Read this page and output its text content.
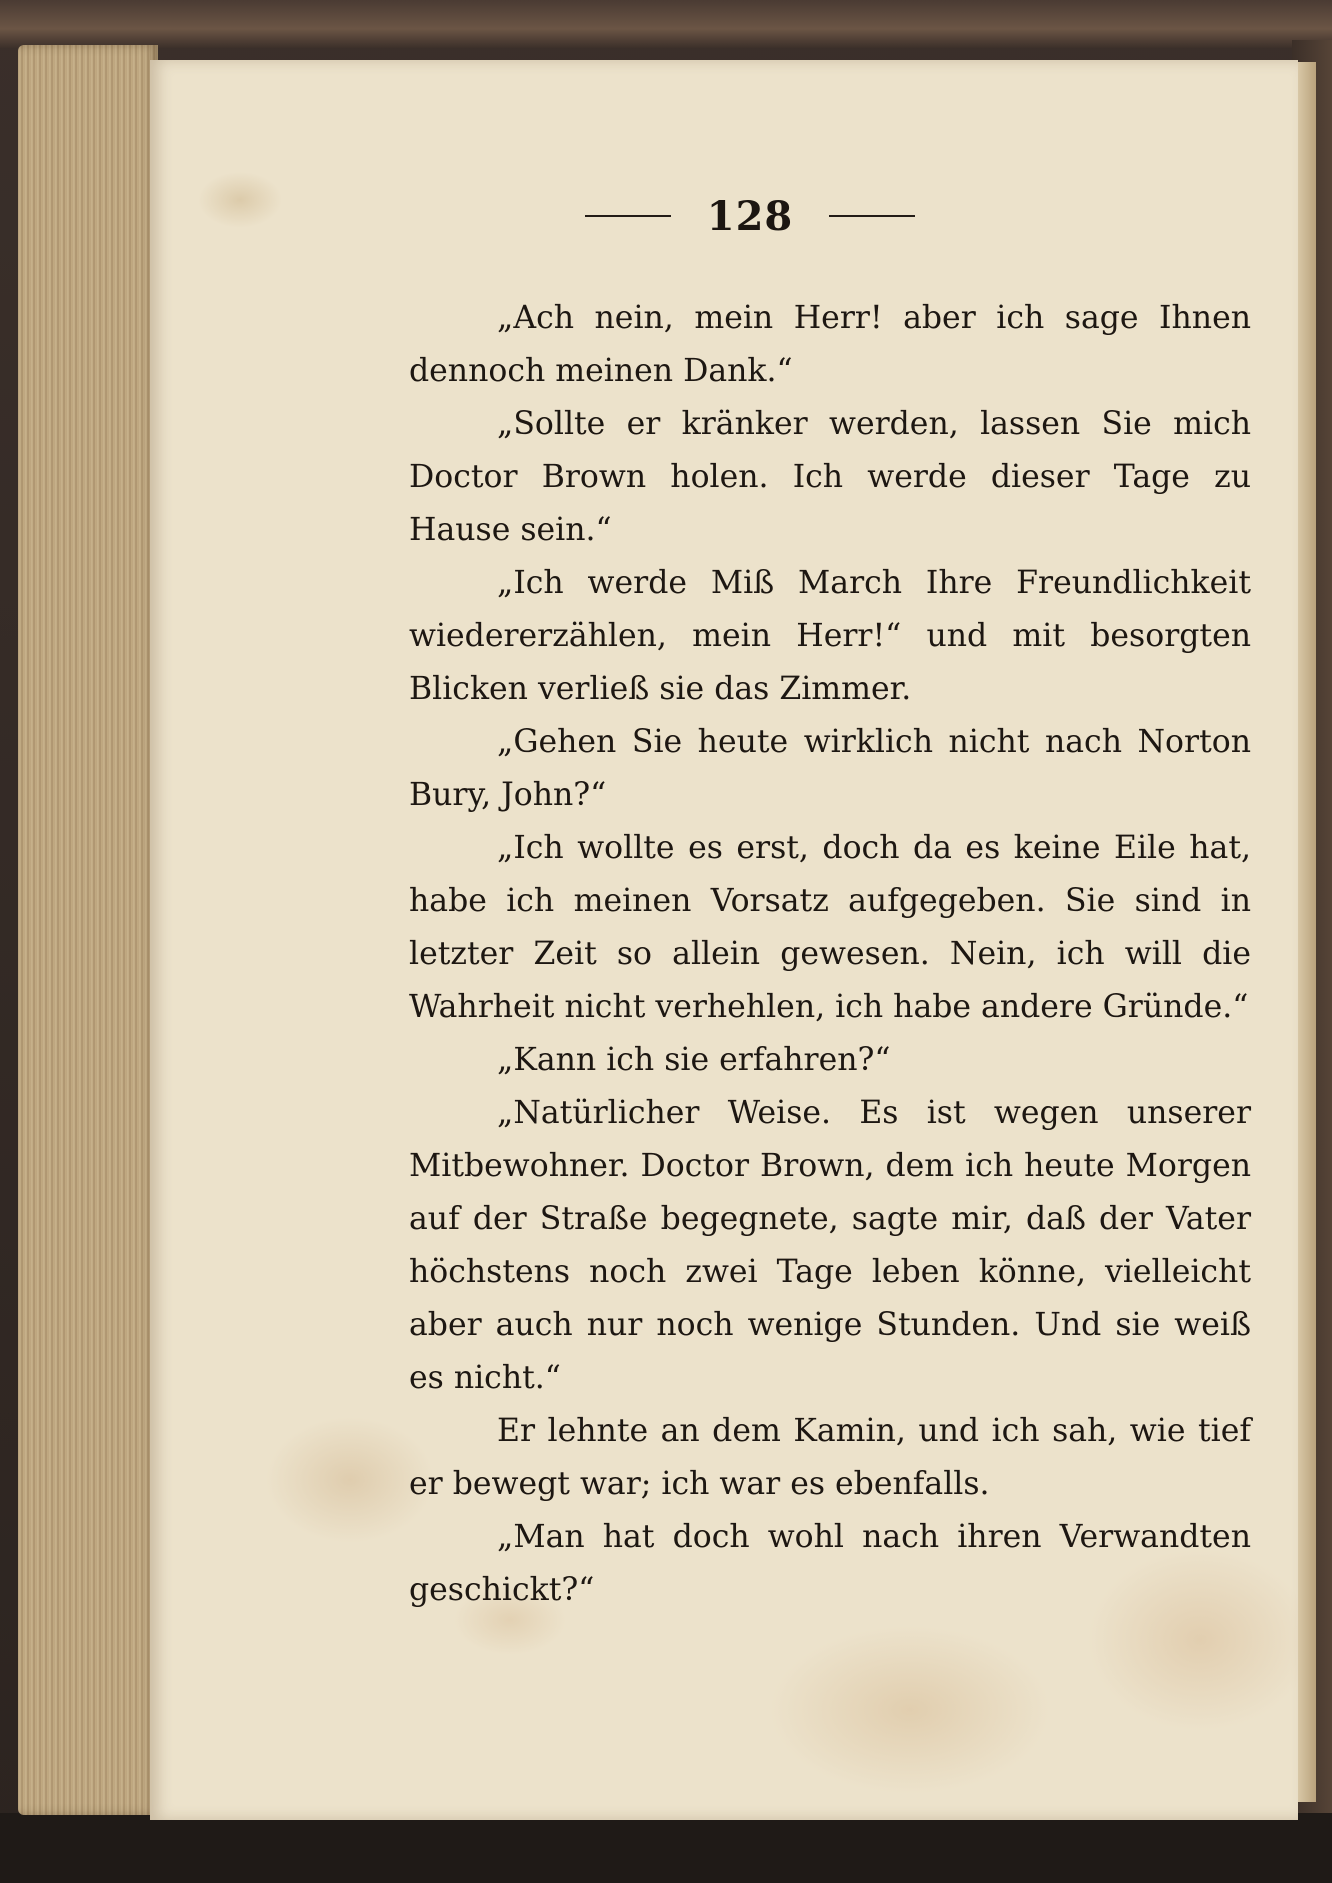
128

„Ach nein, mein Herr! aber ich sage Ihnen dennoch meinen Dank.“

„Sollte er kränker werden, lassen Sie mich Doctor Brown holen. Ich werde dieser Tage zu Hause sein.“

„Ich werde Miß March Ihre Freundlichkeit wiedererzählen, mein Herr!“ und mit besorgten Blicken verließ sie das Zimmer.

„Gehen Sie heute wirklich nicht nach Norton Bury, John?“

„Ich wollte es erst, doch da es keine Eile hat, habe ich meinen Vorsatz aufgegeben. Sie sind in letzter Zeit so allein gewesen. Nein, ich will die Wahrheit nicht verhehlen, ich habe andere Gründe.“

„Kann ich sie erfahren?“

„Natürlicher Weise. Es ist wegen unserer Mitbewohner. Doctor Brown, dem ich heute Morgen auf der Straße begegnete, sagte mir, daß der Vater höchstens noch zwei Tage leben könne, vielleicht aber auch nur noch wenige Stunden. Und sie weiß es nicht.“

Er lehnte an dem Kamin, und ich sah, wie tief er bewegt war; ich war es ebenfalls.

„Man hat doch wohl nach ihren Verwandten geschickt?“
